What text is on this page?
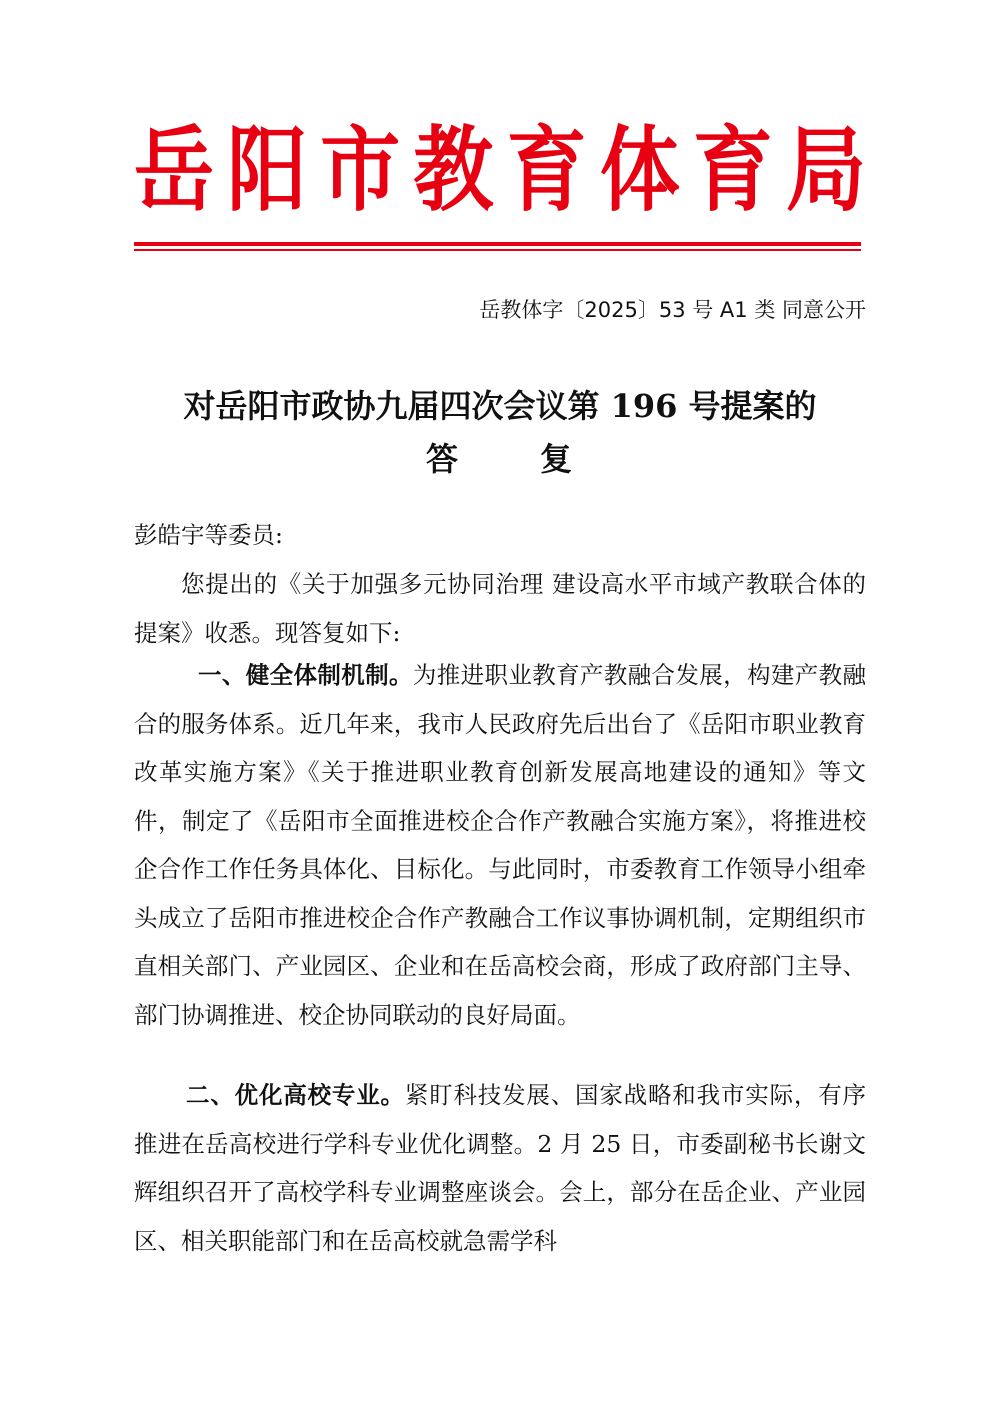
岳 阳 市 教 育 体 育 局
岳教体字〔2025〕53 号 A1 类 同意公开
对岳阳市政协九届四次会议第 196 号提案的
答	复
彭皓宇等委员:
您提出的《关于加强多元协同治理 建设高水平市域产教联合体的提案》收悉。现答复如下:
一、健全体制机制。为推进职业教育产教融合发展，构建产教融合的服务体系。近几年来，我市人民政府先后出台了《岳阳市职业教育改革实施方案》《关于推进职业教育创新发展高地建设的通知》等文件，制定了《岳阳市全面推进校企合作产教融合实施方案》，将推进校企合作工作任务具体化、目标化。与此同时，市委教育工作领导小组牵头成立了岳阳市推进校企合作产教融合工作议事协调机制，定期组织市直相关部门、产业园区、企业和在岳高校会商，形成了政府部门主导、部门协调推进、校企协同联动的良好局面。
二、优化高校专业。紧盯科技发展、国家战略和我市实际，有序推进在岳高校进行学科专业优化调整。2 月 25 日，市委副秘书长谢文辉组织召开了高校学科专业调整座谈会。会上，部分在岳企业、产业园区、相关职能部门和在岳高校就急需学科
